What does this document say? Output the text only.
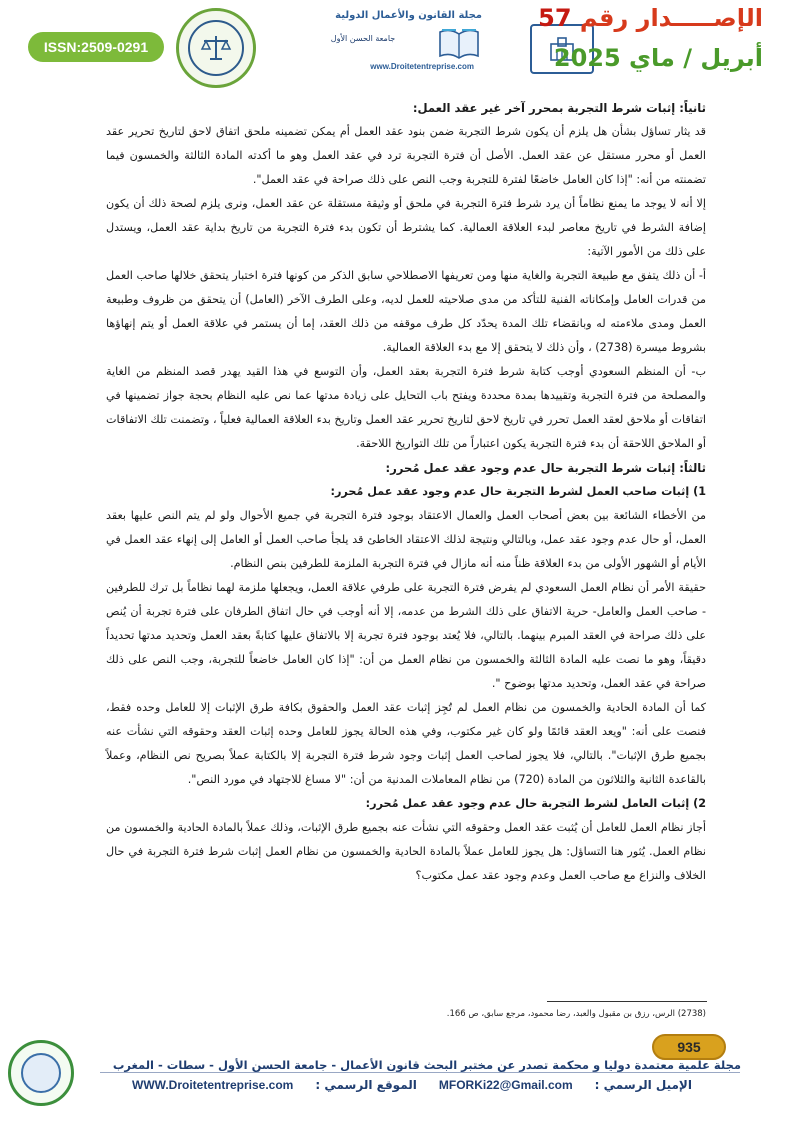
ISSN:2509-0291
جامعة الحسن الأول
مجلة القانون والأعمال الدولية
www.Droitetentreprise.com
الإصـــــدار رقم 57
أبريل / ماي 2025

ثانياً: إثبات شرط التجربة بمحرر آخر غير عقد العمل:

قد يثار تساؤل بشأن هل يلزم أن يكون شرط التجربة ضمن بنود عقد العمل أم يمكن تضمينه ملحق اتفاق لاحق لتاريخ تحرير عقد العمل أو محرر مستقل عن عقد العمل. الأصل أن فترة التجربة ترد في عقد العمل وهو ما أكدته المادة الثالثة والخمسون فيما تضمنته من أنه: "إذا كان العامل خاضعًا لفترة للتجربة وجب النص على ذلك صراحة في عقد العمل".

إلا أنه لا يوجد ما يمنع نظاماً أن يرد شرط فترة التجربة في ملحق أو وثيقة مستقلة عن عقد العمل، ونرى يلزم لصحة ذلك أن يكون إضافة الشرط في تاريخ معاصر لبدء العلاقة العمالية. كما يشترط أن تكون بدء فترة التجربة من تاريخ بداية عقد العمل، ويستدل على ذلك من الأمور الآتية:

أ- أن ذلك يتفق مع طبيعة التجربة والغاية منها ومن تعريفها الاصطلاحي سابق الذكر من كونها فترة اختبار يتحقق خلالها صاحب العمل من قدرات العامل وإمكاناته الفنية للتأكد من مدى صلاحيته للعمل لديه، وعلى الطرف الآخر (العامل) أن يتحقق من ظروف وطبيعة العمل ومدى ملاءمته له وبانقضاء تلك المدة يحدّد كل طرف موقفه من ذلك العقد، إما أن يستمر في علاقة العمل أو يتم إنهاؤها بشروط ميسرة (2738) ، وأن ذلك لا يتحقق إلا مع بدء العلاقة العمالية.

ب- أن المنظم السعودي أوجب كتابة شرط فترة التجربة بعقد العمل، وأن التوسع في هذا القيد يهدر قصد المنظم من الغاية والمصلحة من فترة التجربة وتقييدها بمدة محددة ويفتح باب التحايل على زيادة مدتها عما نص عليه النظام بحجة جواز تضمينها في اتفاقات أو ملاحق لعقد العمل تحرر في تاريخ لاحق لتاريخ تحرير عقد العمل وتاريخ بدء العلاقة العمالية فعلياً ، وتضمنت تلك الاتفاقات أو الملاحق اللاحقة أن بدء فترة التجربة يكون اعتباراً من تلك التواريخ اللاحقة.

ثالثاً: إثبات شرط التجربة حال عدم وجود عقد عمل مُحرر:

1) إثبات صاحب العمل لشرط التجربة حال عدم وجود عقد عمل مُحرر:

من الأخطاء الشائعة بين بعض أصحاب العمل والعمال الاعتقاد بوجود فترة التجربة في جميع الأحوال ولو لم يتم النص عليها بعقد العمل، أو حال عدم وجود عقد عمل، وبالتالي ونتيجة لذلك الاعتقاد الخاطئ قد يلجأ صاحب العمل أو العامل إلى إنهاء عقد العمل في الأيام أو الشهور الأولى من بدء العلاقة ظناً منه أنه مازال في فترة التجربة الملزمة للطرفين بنص النظام.

حقيقة الأمر أن نظام العمل السعودي لم يفرض فترة التجربة على طرفي علاقة العمل، ويجعلها ملزمة لهما نظاماً بل ترك للطرفين - صاحب العمل والعامل- حرية الاتفاق على ذلك الشرط من عدمه، إلا أنه أوجب في حال اتفاق الطرفان على فترة تجربة أن يُنص على ذلك صراحة في العقد المبرم بينهما. بالتالي، فلا يُعتد بوجود فترة تجربة إلا بالاتفاق عليها كتابةً بعقد العمل وتحديد مدتها تحديداً دقيقاً، وهو ما نصت عليه المادة الثالثة والخمسون من نظام العمل من أن: "إذا كان العامل خاضعاً للتجربة، وجب النص على ذلك صراحة في عقد العمل، وتحديد مدتها بوضوح ".

كما أن المادة الحادية والخمسون من نظام العمل لم تُجِز إثبات عقد العمل والحقوق بكافة طرق الإثبات إلا للعامل وحده فقط، فنصت على أنه: "ويعد العقد قائمًا ولو كان غير مكتوب، وفي هذه الحالة يجوز للعامل وحده إثبات العقد وحقوقه التي نشأت عنه بجميع طرق الإثبات". بالتالي، فلا يجوز لصاحب العمل إثبات وجود شرط فترة التجربة إلا بالكتابة عملاً بصريح نص النظام، وعملاً بالقاعدة الثانية والثلاثون من المادة (720) من نظام المعاملات المدنية من أن: "لا مساغ للاجتهاد في مورد النص".

2) إثبات العامل لشرط التجربة حال عدم وجود عقد عمل مُحرر:

أجاز نظام العمل للعامل أن يُثبت عقد العمل وحقوقه التي نشأت عنه بجميع طرق الإثبات، وذلك عملاً بالمادة الحادية والخمسون من نظام العمل. يُثور هنا التساؤل: هل يجوز للعامل عملاً بالمادة الحادية والخمسون من نظام العمل إثبات شرط فترة التجربة في حال الخلاف والنزاع مع صاحب العمل وعدم وجود عقد عمل مكتوب؟

(2738) الرس، رزق بن مقبول والعبد، رضا محمود، مرجع سابق، ص 166.
935
مجلة علمية معتمدة دوليا و محكمة تصدر عن مختبر البحث قانون الأعمال - جامعة الحسن الأول - سطات - المغرب
WWW.Droitetentreprise.com الموقع الرسمي : MFORKi22@Gmail.com الإميل الرسمي :
